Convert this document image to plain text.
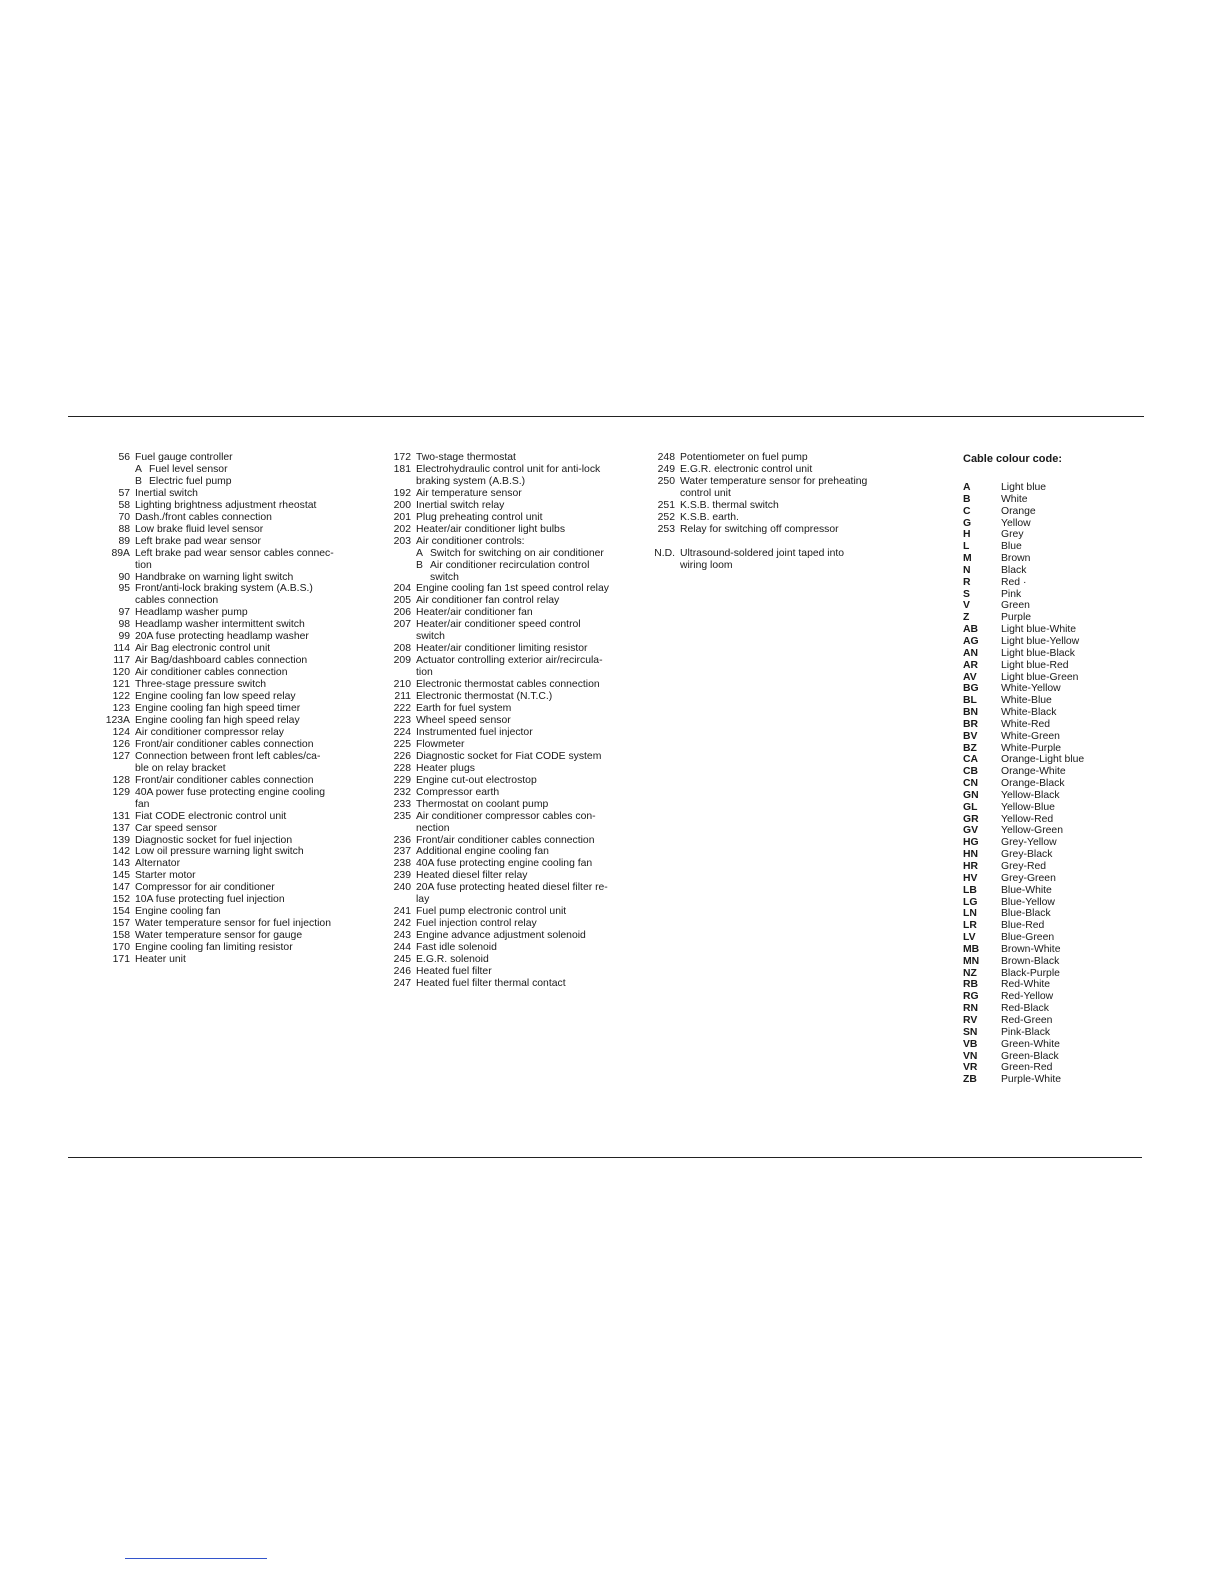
56 Fuel gauge controller
A Fuel level sensor
B Electric fuel pump
57 Inertial switch
58 Lighting brightness adjustment rheostat
70 Dash./front cables connection
88 Low brake fluid level sensor
89 Left brake pad wear sensor
89A Left brake pad wear sensor cables connec-
tion
90 Handbrake on warning light switch
95 Front/anti-lock braking system (A.B.S.)
cables connection
97 Headlamp washer pump
98 Headlamp washer intermittent switch
99 20A fuse protecting headlamp washer
114 Air Bag electronic control unit
117 Air Bag/dashboard cables connection
120 Air conditioner cables connection
121 Three-stage pressure switch
122 Engine cooling fan low speed relay
123 Engine cooling fan high speed timer
123A Engine cooling fan high speed relay
124 Air conditioner compressor relay
126 Front/air conditioner cables connection
127 Connection between front left cables/ca-
ble on relay bracket
128 Front/air conditioner cables connection
129 40A power fuse protecting engine cooling
fan
131 Fiat CODE electronic control unit
137 Car speed sensor
139 Diagnostic socket for fuel injection
142 Low oil pressure warning light switch
143 Alternator
145 Starter motor
147 Compressor for air conditioner
152 10A fuse protecting fuel injection
154 Engine cooling fan
157 Water temperature sensor for fuel injection
158 Water temperature sensor for gauge
170 Engine cooling fan limiting resistor
171 Heater unit
172 Two-stage thermostat
181 Electrohydraulic control unit for anti-lock
braking system (A.B.S.)
192 Air temperature sensor
200 Inertial switch relay
201 Plug preheating control unit
202 Heater/air conditioner light bulbs
203 Air conditioner controls:
A Switch for switching on air conditioner
B Air conditioner recirculation control
switch
204 Engine cooling fan 1st speed control relay
205 Air conditioner fan control relay
206 Heater/air conditioner fan
207 Heater/air conditioner speed control
switch
208 Heater/air conditioner limiting resistor
209 Actuator controlling exterior air/recircula-
tion
210 Electronic thermostat cables connection
211 Electronic thermostat (N.T.C.)
222 Earth for fuel system
223 Wheel speed sensor
224 Instrumented fuel injector
225 Flowmeter
226 Diagnostic socket for Fiat CODE system
228 Heater plugs
229 Engine cut-out electrostop
232 Compressor earth
233 Thermostat on coolant pump
235 Air conditioner compressor cables con-
nection
236 Front/air conditioner cables connection
237 Additional engine cooling fan
238 40A fuse protecting engine cooling fan
239 Heated diesel filter relay
240 20A fuse protecting heated diesel filter re-
lay
241 Fuel pump electronic control unit
242 Fuel injection control relay
243 Engine advance adjustment solenoid
244 Fast idle solenoid
245 E.G.R. solenoid
246 Heated fuel filter
247 Heated fuel filter thermal contact
248 Potentiometer on fuel pump
249 E.G.R. electronic control unit
250 Water temperature sensor for preheating
control unit
251 K.S.B. thermal switch
252 K.S.B. earth.
253 Relay for switching off compressor
N.D. Ultrasound-soldered joint taped into
wiring loom
Cable colour code:
A	Light blue
B	White
C	Orange
G	Yellow
H	Grey
L	Blue
M	Brown
N	Black
R	Red ·
S	Pink
V	Green
Z	Purple
AB	Light blue-White
AG	Light blue-Yellow
AN	Light blue-Black
AR	Light blue-Red
AV	Light blue-Green
BG	White-Yellow
BL	White-Blue
BN	White-Black
BR	White-Red
BV	White-Green
BZ	White-Purple
CA	Orange-Light blue
CB	Orange-White
CN	Orange-Black
GN	Yellow-Black
GL	Yellow-Blue
GR	Yellow-Red
GV	Yellow-Green
HG	Grey-Yellow
HN	Grey-Black
HR	Grey-Red
HV	Grey-Green
LB	Blue-White
LG	Blue-Yellow
LN	Blue-Black
LR	Blue-Red
LV	Blue-Green
MB	Brown-White
MN	Brown-Black
NZ	Black-Purple
RB	Red-White
RG	Red-Yellow
RN	Red-Black
RV	Red-Green
SN	Pink-Black
VB	Green-White
VN	Green-Black
VR	Green-Red
ZB	Purple-White
